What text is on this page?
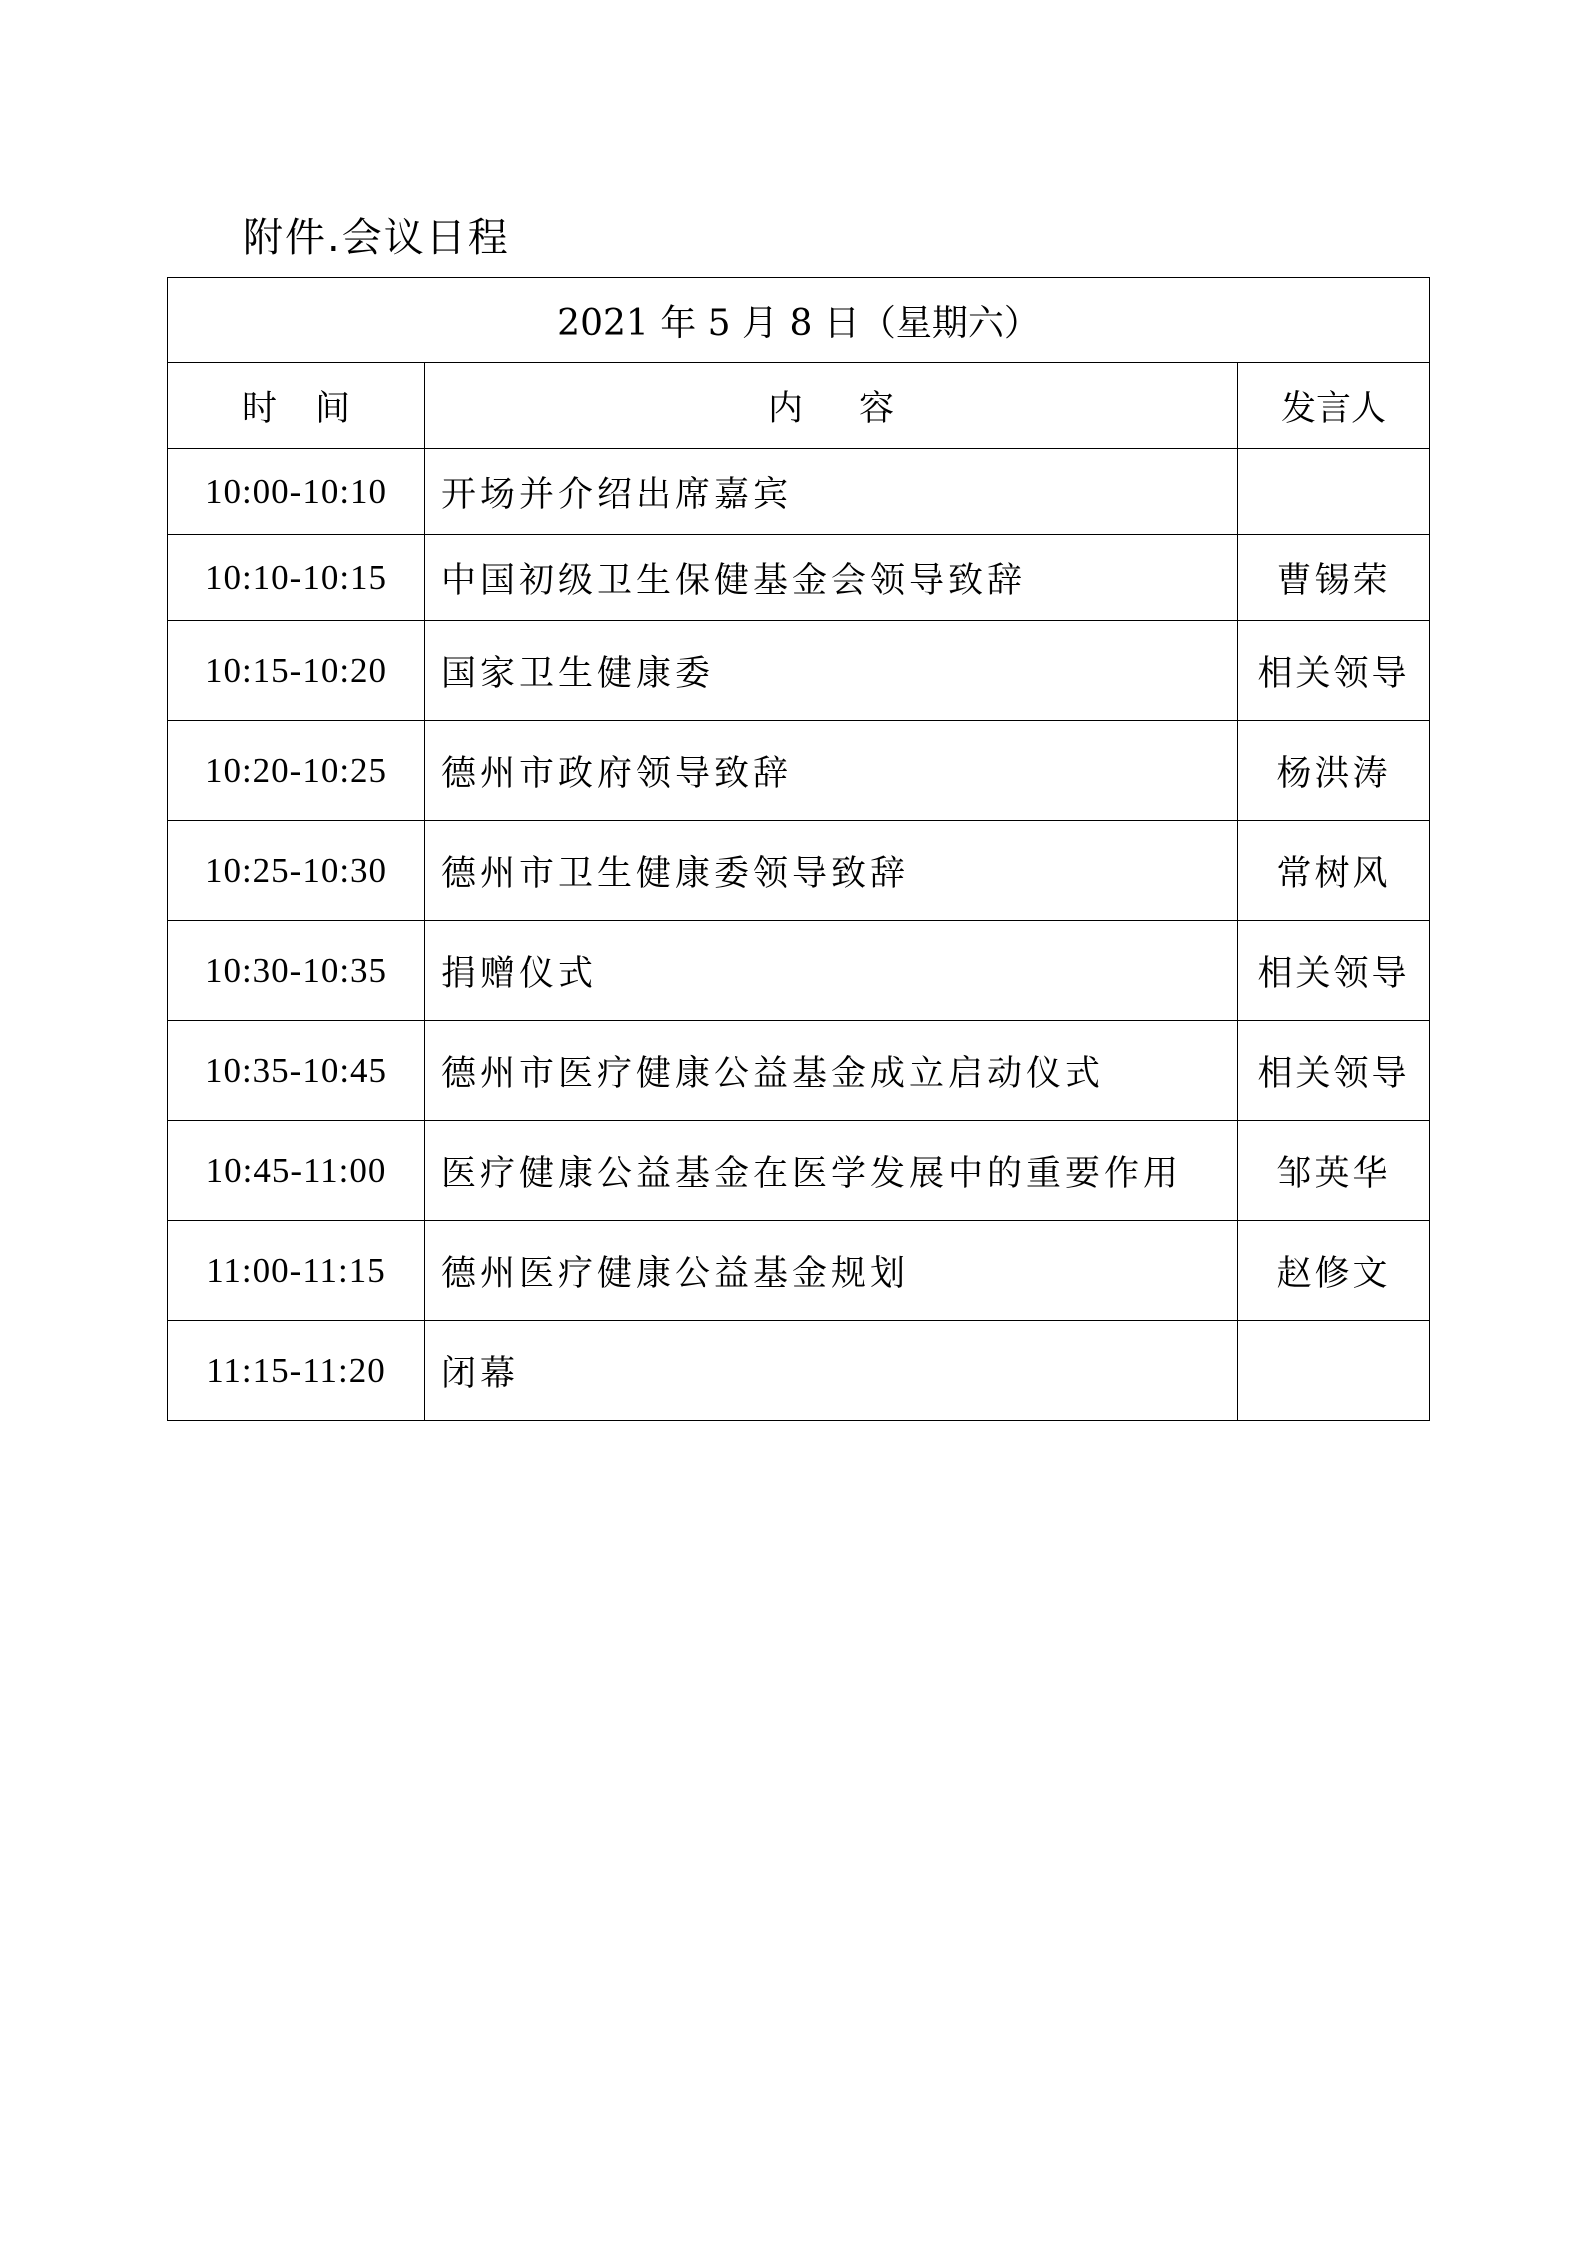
附件.会议日程
2021 年 5 月 8 日（星期六）		
时间	内容	发言人
10:00-10:10	开场并介绍出席嘉宾	
10:10-10:15	中国初级卫生保健基金会领导致辞	曹锡荣
10:15-10:20	国家卫生健康委	相关领导
10:20-10:25	德州市政府领导致辞	杨洪涛
10:25-10:30	德州市卫生健康委领导致辞	常树风
10:30-10:35	捐赠仪式	相关领导
10:35-10:45	德州市医疗健康公益基金成立启动仪式	相关领导
10:45-11:00	医疗健康公益基金在医学发展中的重要作用	邹英华
11:00-11:15	德州医疗健康公益基金规划	赵修文
11:15-11:20	闭幕	
